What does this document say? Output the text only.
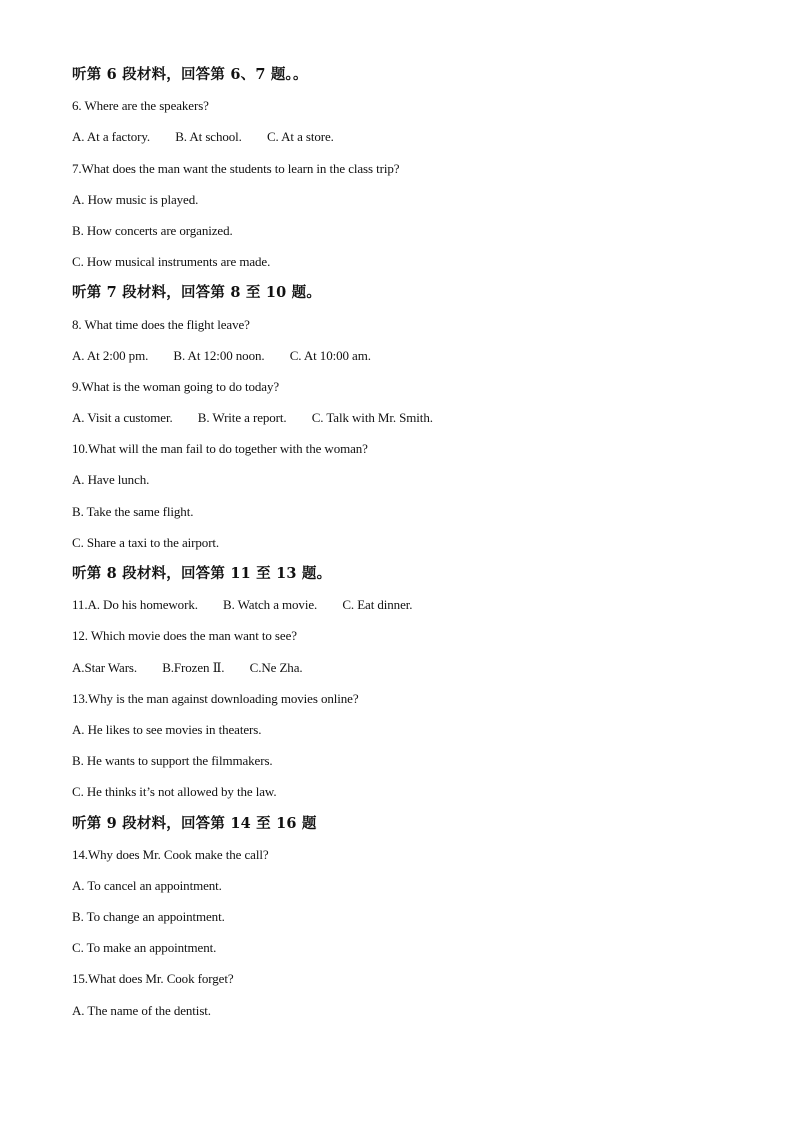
听第 6 段材料，回答第 6、7 题。。
6. Where are the speakers?
A. At a factory. B. At school. C. At a store.
7.What does the man want the students to learn in the class trip?
A. How music is played.
B. How concerts are organized.
C. How musical instruments are made.
听第 7 段材料，回答第 8 至 10 题。
8. What time does the flight leave?
A. At 2:00 pm. B. At 12:00 noon. C. At 10:00 am.
9.What is the woman going to do today?
A. Visit a customer. B. Write a report. C. Talk with Mr. Smith.
10.What will the man fail to do together with the woman?
A. Have lunch.
B. Take the same flight.
C. Share a taxi to the airport.
听第 8 段材料，回答第 11 至 13 题。
11.A. Do his homework. B. Watch a movie. C. Eat dinner.
12. Which movie does the man want to see?
A.Star Wars. B.Frozen Ⅱ. C.Ne Zha.
13.Why is the man against downloading movies online?
A. He likes to see movies in theaters.
B. He wants to support the filmmakers.
C. He thinks it’s not allowed by the law.
听第 9 段材料，回答第 14 至 16 题
14.Why does Mr. Cook make the call?
A. To cancel an appointment.
B. To change an appointment.
C. To make an appointment.
15.What does Mr. Cook forget?
A. The name of the dentist.
